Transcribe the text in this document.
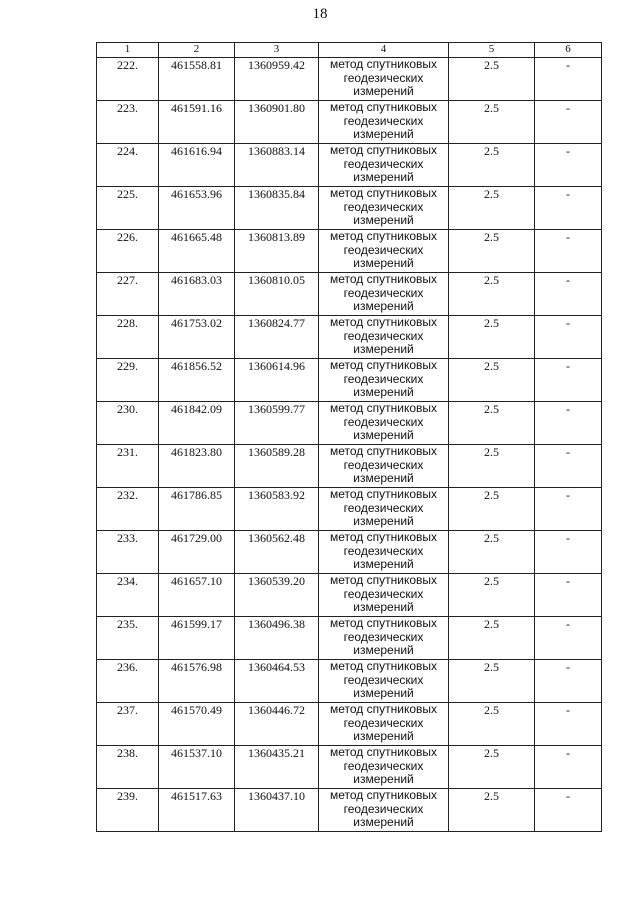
18
1	2	3	4	5	6
222.	461558.81	1360959.42	метод спутниковых геодезических измерений	2.5	-
223.	461591.16	1360901.80	метод спутниковых геодезических измерений	2.5	-
224.	461616.94	1360883.14	метод спутниковых геодезических измерений	2.5	-
225.	461653.96	1360835.84	метод спутниковых геодезических измерений	2.5	-
226.	461665.48	1360813.89	метод спутниковых геодезических измерений	2.5	-
227.	461683.03	1360810.05	метод спутниковых геодезических измерений	2.5	-
228.	461753.02	1360824.77	метод спутниковых геодезических измерений	2.5	-
229.	461856.52	1360614.96	метод спутниковых геодезических измерений	2.5	-
230.	461842.09	1360599.77	метод спутниковых геодезических измерений	2.5	-
231.	461823.80	1360589.28	метод спутниковых геодезических измерений	2.5	-
232.	461786.85	1360583.92	метод спутниковых геодезических измерений	2.5	-
233.	461729.00	1360562.48	метод спутниковых геодезических измерений	2.5	-
234.	461657.10	1360539.20	метод спутниковых геодезических измерений	2.5	-
235.	461599.17	1360496.38	метод спутниковых геодезических измерений	2.5	-
236.	461576.98	1360464.53	метод спутниковых геодезических измерений	2.5	-
237.	461570.49	1360446.72	метод спутниковых геодезических измерений	2.5	-
238.	461537.10	1360435.21	метод спутниковых геодезических измерений	2.5	-
239.	461517.63	1360437.10	метод спутниковых геодезических измерений	2.5	-
